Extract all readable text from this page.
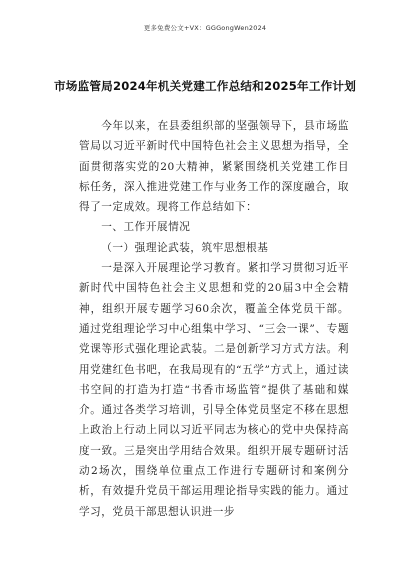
更多免费公文+VX：GGGongWen2024
市场监管局2024年机关党建工作总结和2025年工作计划

今年以来，在县委组织部的坚强领导下，县市场监管局以习近平新时代中国特色社会主义思想为指导，全面贯彻落实党的20大精神，紧紧围绕机关党建工作目标任务，深入推进党建工作与业务工作的深度融合，取得了一定成效。现将工作总结如下：

一、工作开展情况

（一）强理论武装，筑牢思想根基

一是深入开展理论学习教育。紧扣学习贯彻习近平新时代中国特色社会主义思想和党的20届3中全会精神，组织开展专题学习60余次，覆盖全体党员干部。通过党组理论学习中心组集中学习、“三会一课”、专题党课等形式强化理论武装。二是创新学习方式方法。利用党建红色书吧，在我局现有的“五学”方式上，通过读书空间的打造为打造“书香市场监管”提供了基础和媒介。通过各类学习培训，引导全体党员坚定不移在思想上政治上行动上同以习近平同志为核心的党中央保持高度一致。三是突出学用结合效果。组织开展专题研讨活动2场次，围绕单位重点工作进行专题研讨和案例分析，有效提升党员干部运用理论指导实践的能力。通过学习，党员干部思想认识进一步
